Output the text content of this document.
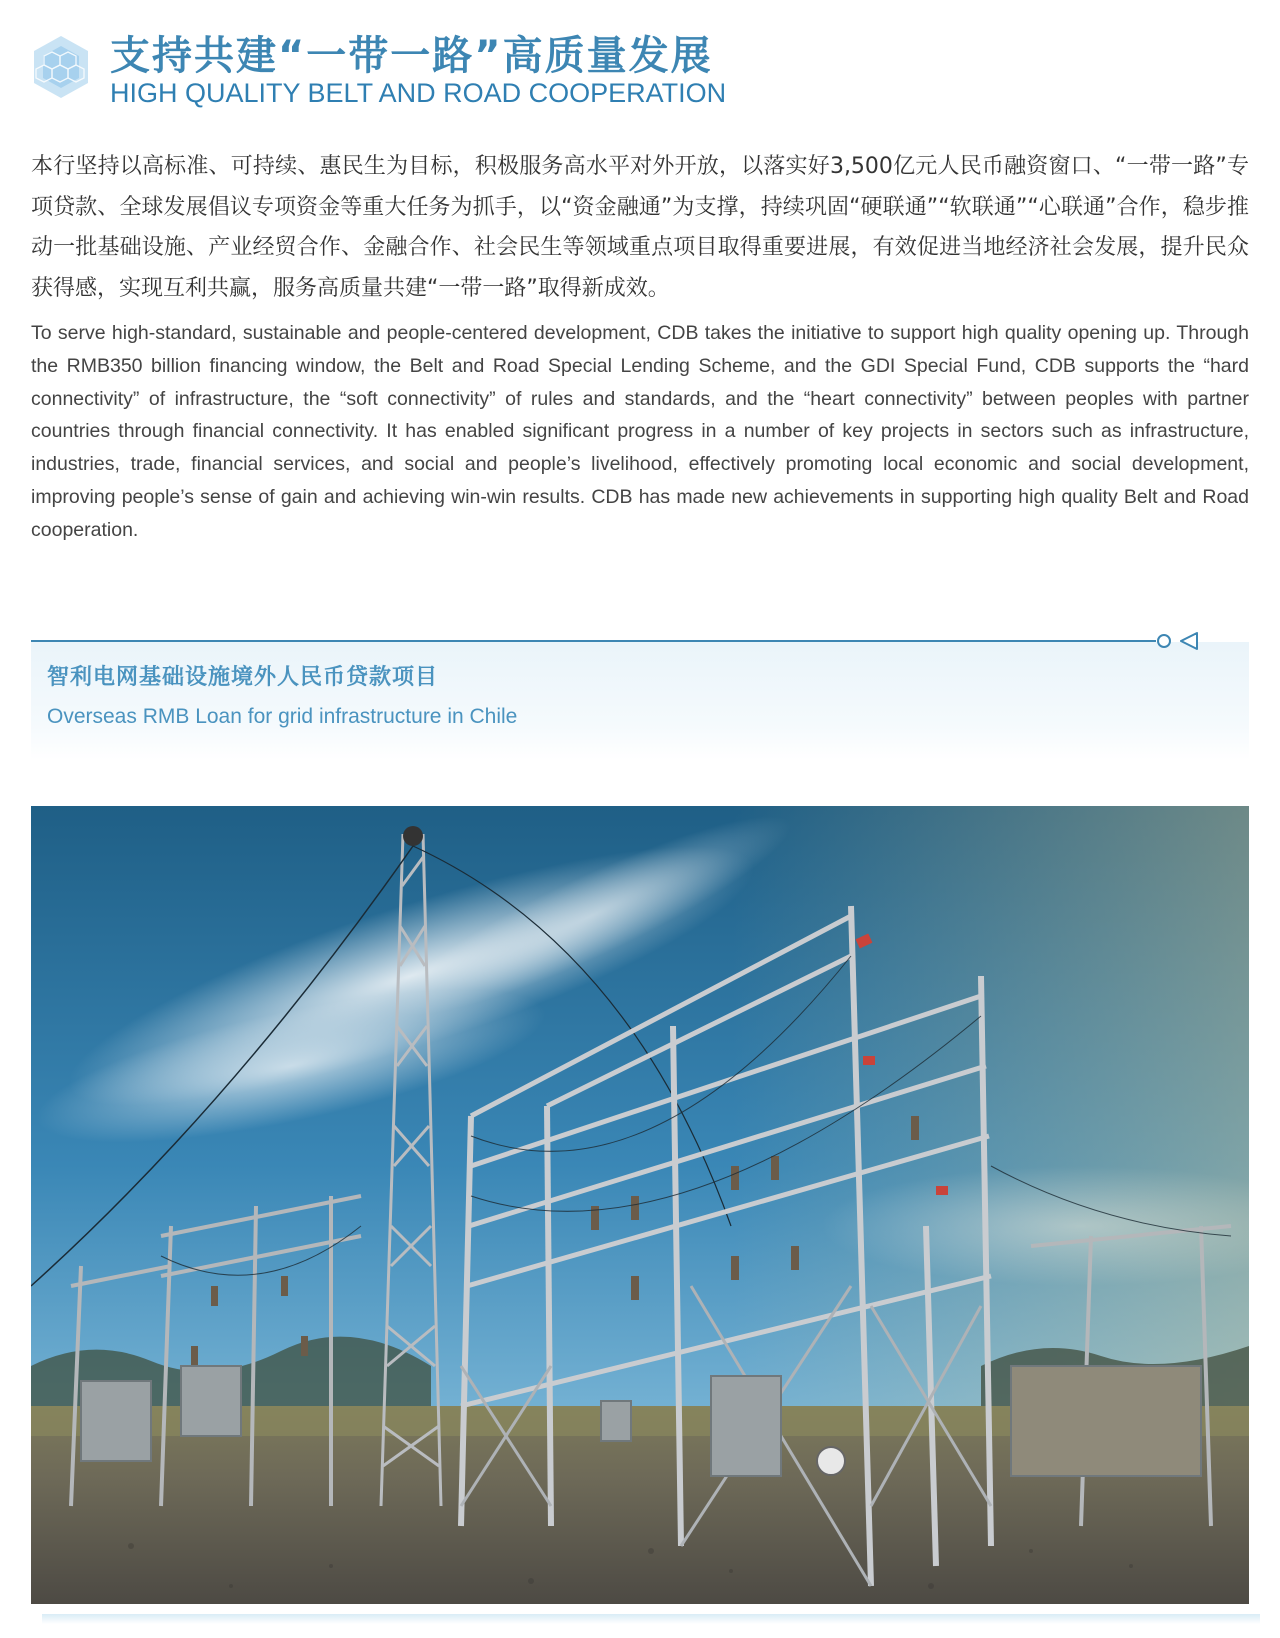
支持共建“一带一路”高质量发展
HIGH QUALITY BELT AND ROAD COOPERATION

本行坚持以高标准、可持续、惠民生为目标，积极服务高水平对外开放，以落实好3,500亿元人民币融资窗口、“一带一路”专项贷款、全球发展倡议专项资金等重大任务为抓手，以“资金融通”为支撑，持续巩固“硬联通”“软联通”“心联通”合作，稳步推动一批基础设施、产业经贸合作、金融合作、社会民生等领域重点项目取得重要进展，有效促进当地经济社会发展，提升民众获得感，实现互利共赢，服务高质量共建“一带一路”取得新成效。

To serve high-standard, sustainable and people-centered development, CDB takes the initiative to support high quality opening up. Through the RMB350 billion financing window, the Belt and Road Special Lending Scheme, and the GDI Special Fund, CDB supports the “hard connectivity” of infrastructure, the “soft connectivity” of rules and standards, and the “heart connectivity” between peoples with partner countries through financial connectivity. It has enabled significant progress in a number of key projects in sectors such as infrastructure, industries, trade, financial services, and social and people’s livelihood, effectively promoting local economic and social development, improving people’s sense of gain and achieving win-win results. CDB has made new achievements in supporting high quality Belt and Road cooperation.

智利电网基础设施境外人民币贷款项目
Overseas RMB Loan for grid infrastructure in Chile
